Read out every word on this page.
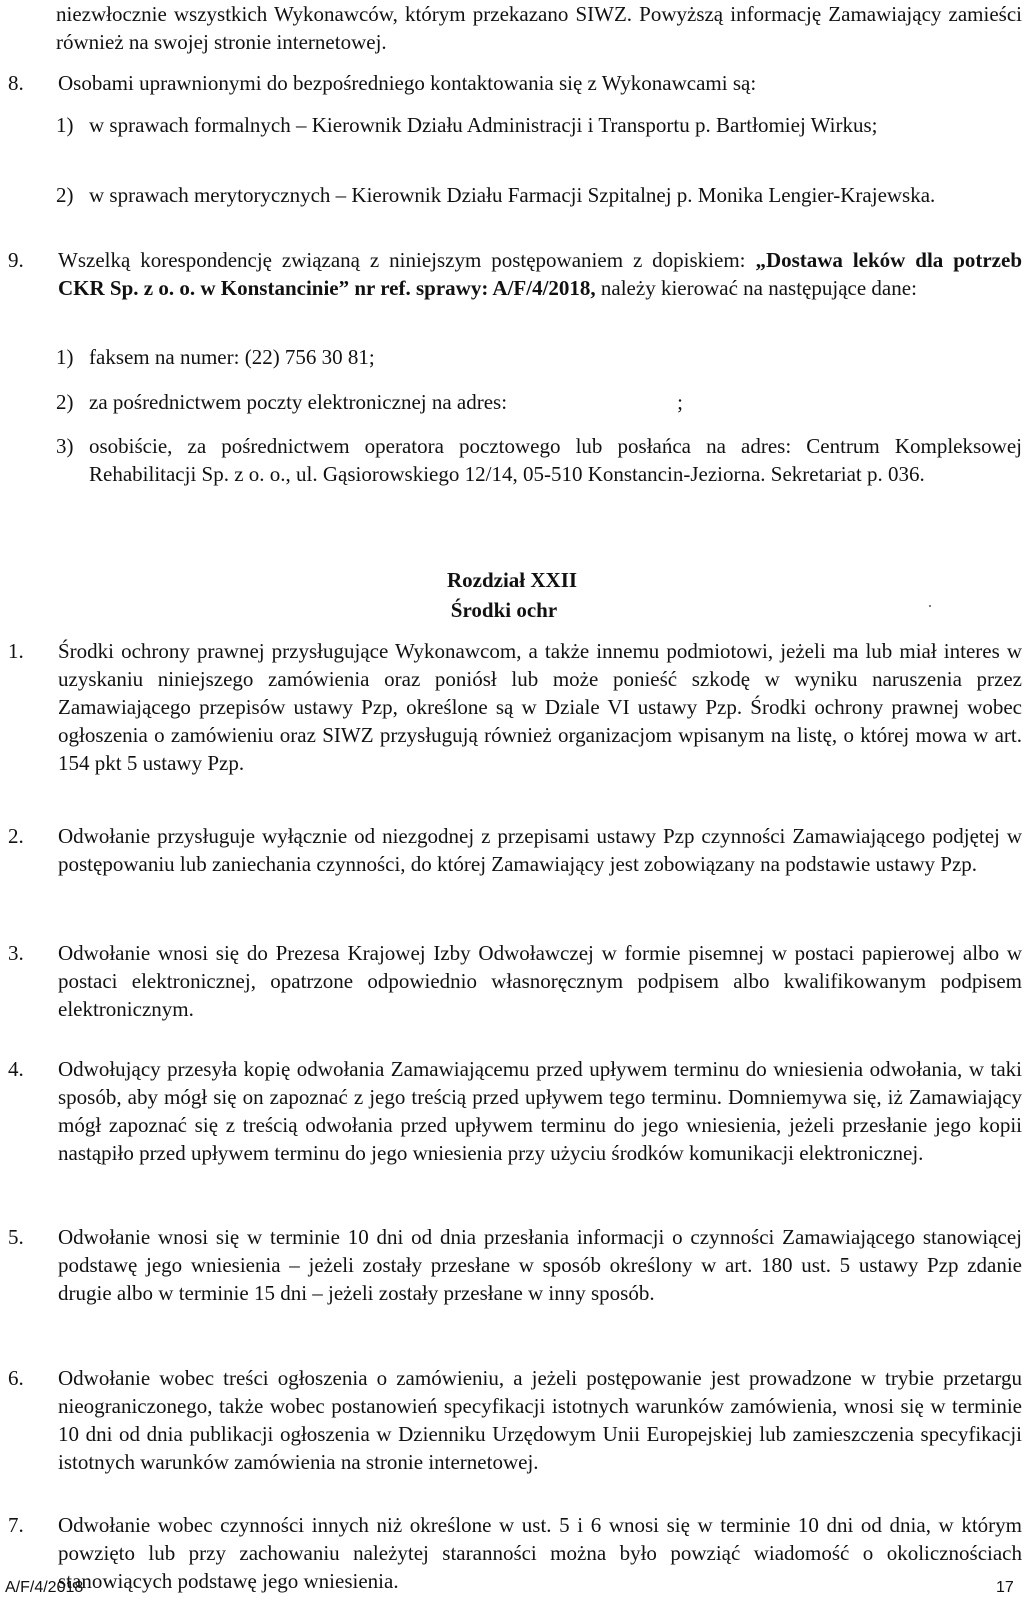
niezwłocznie wszystkich Wykonawców, którym przekazano SIWZ. Powyższą informację Zamawiający zamieści również na swojej stronie internetowej.
8. Osobami uprawnionymi do bezpośredniego kontaktowania się z Wykonawcami są:
1) w sprawach formalnych – Kierownik Działu Administracji i Transportu p. Bartłomiej Wirkus;
2) w sprawach merytorycznych – Kierownik Działu Farmacji Szpitalnej p. Monika Lengier-Krajewska.
9. Wszelką korespondencję związaną z niniejszym postępowaniem z dopiskiem: „Dostawa leków dla potrzeb CKR Sp. z o. o. w Konstancinie” nr ref. sprawy: A/F/4/2018, należy kierować na następujące dane:
1) faksem na numer: (22) 756 30 81;
2) za pośrednictwem poczty elektronicznej na adres:	;
3) osobiście, za pośrednictwem operatora pocztowego lub posłańca na adres: Centrum Kompleksowej Rehabilitacji Sp. z o. o., ul. Gąsiorowskiego 12/14, 05-510 Konstancin-Jeziorna. Sekretariat p. 036.
Rozdział XXII
Środki ochr
1. Środki ochrony prawnej przysługujące Wykonawcom, a także innemu podmiotowi, jeżeli ma lub miał interes w uzyskaniu niniejszego zamówienia oraz poniósł lub może ponieść szkodę w wyniku naruszenia przez Zamawiającego przepisów ustawy Pzp, określone są w Dziale VI ustawy Pzp. Środki ochrony prawnej wobec ogłoszenia o zamówieniu oraz SIWZ przysługują również organizacjom wpisanym na listę, o której mowa w art. 154 pkt 5 ustawy Pzp.
2. Odwołanie przysługuje wyłącznie od niezgodnej z przepisami ustawy Pzp czynności Zamawiającego podjętej w postępowaniu lub zaniechania czynności, do której Zamawiający jest zobowiązany na podstawie ustawy Pzp.
3. Odwołanie wnosi się do Prezesa Krajowej Izby Odwoławczej w formie pisemnej w postaci papierowej albo w postaci elektronicznej, opatrzone odpowiednio własnoręcznym podpisem albo kwalifikowanym podpisem elektronicznym.
4. Odwołujący przesyła kopię odwołania Zamawiającemu przed upływem terminu do wniesienia odwołania, w taki sposób, aby mógł się on zapoznać z jego treścią przed upływem tego terminu. Domniemywa się, iż Zamawiający mógł zapoznać się z treścią odwołania przed upływem terminu do jego wniesienia, jeżeli przesłanie jego kopii nastąpiło przed upływem terminu do jego wniesienia przy użyciu środków komunikacji elektronicznej.
5. Odwołanie wnosi się w terminie 10 dni od dnia przesłania informacji o czynności Zamawiającego stanowiącej podstawę jego wniesienia – jeżeli zostały przesłane w sposób określony w art. 180 ust. 5 ustawy Pzp zdanie drugie albo w terminie 15 dni – jeżeli zostały przesłane w inny sposób.
6. Odwołanie wobec treści ogłoszenia o zamówieniu, a jeżeli postępowanie jest prowadzone w trybie przetargu nieograniczonego, także wobec postanowień specyfikacji istotnych warunków zamówienia, wnosi się w terminie 10 dni od dnia publikacji ogłoszenia w Dzienniku Urzędowym Unii Europejskiej lub zamieszczenia specyfikacji istotnych warunków zamówienia na stronie internetowej.
7. Odwołanie wobec czynności innych niż określone w ust. 5 i 6 wnosi się w terminie 10 dni od dnia, w którym powzięto lub przy zachowaniu należytej staranności można było powziąć wiadomość o okolicznościach stanowiących podstawę jego wniesienia.
A/F/4/2018	17
